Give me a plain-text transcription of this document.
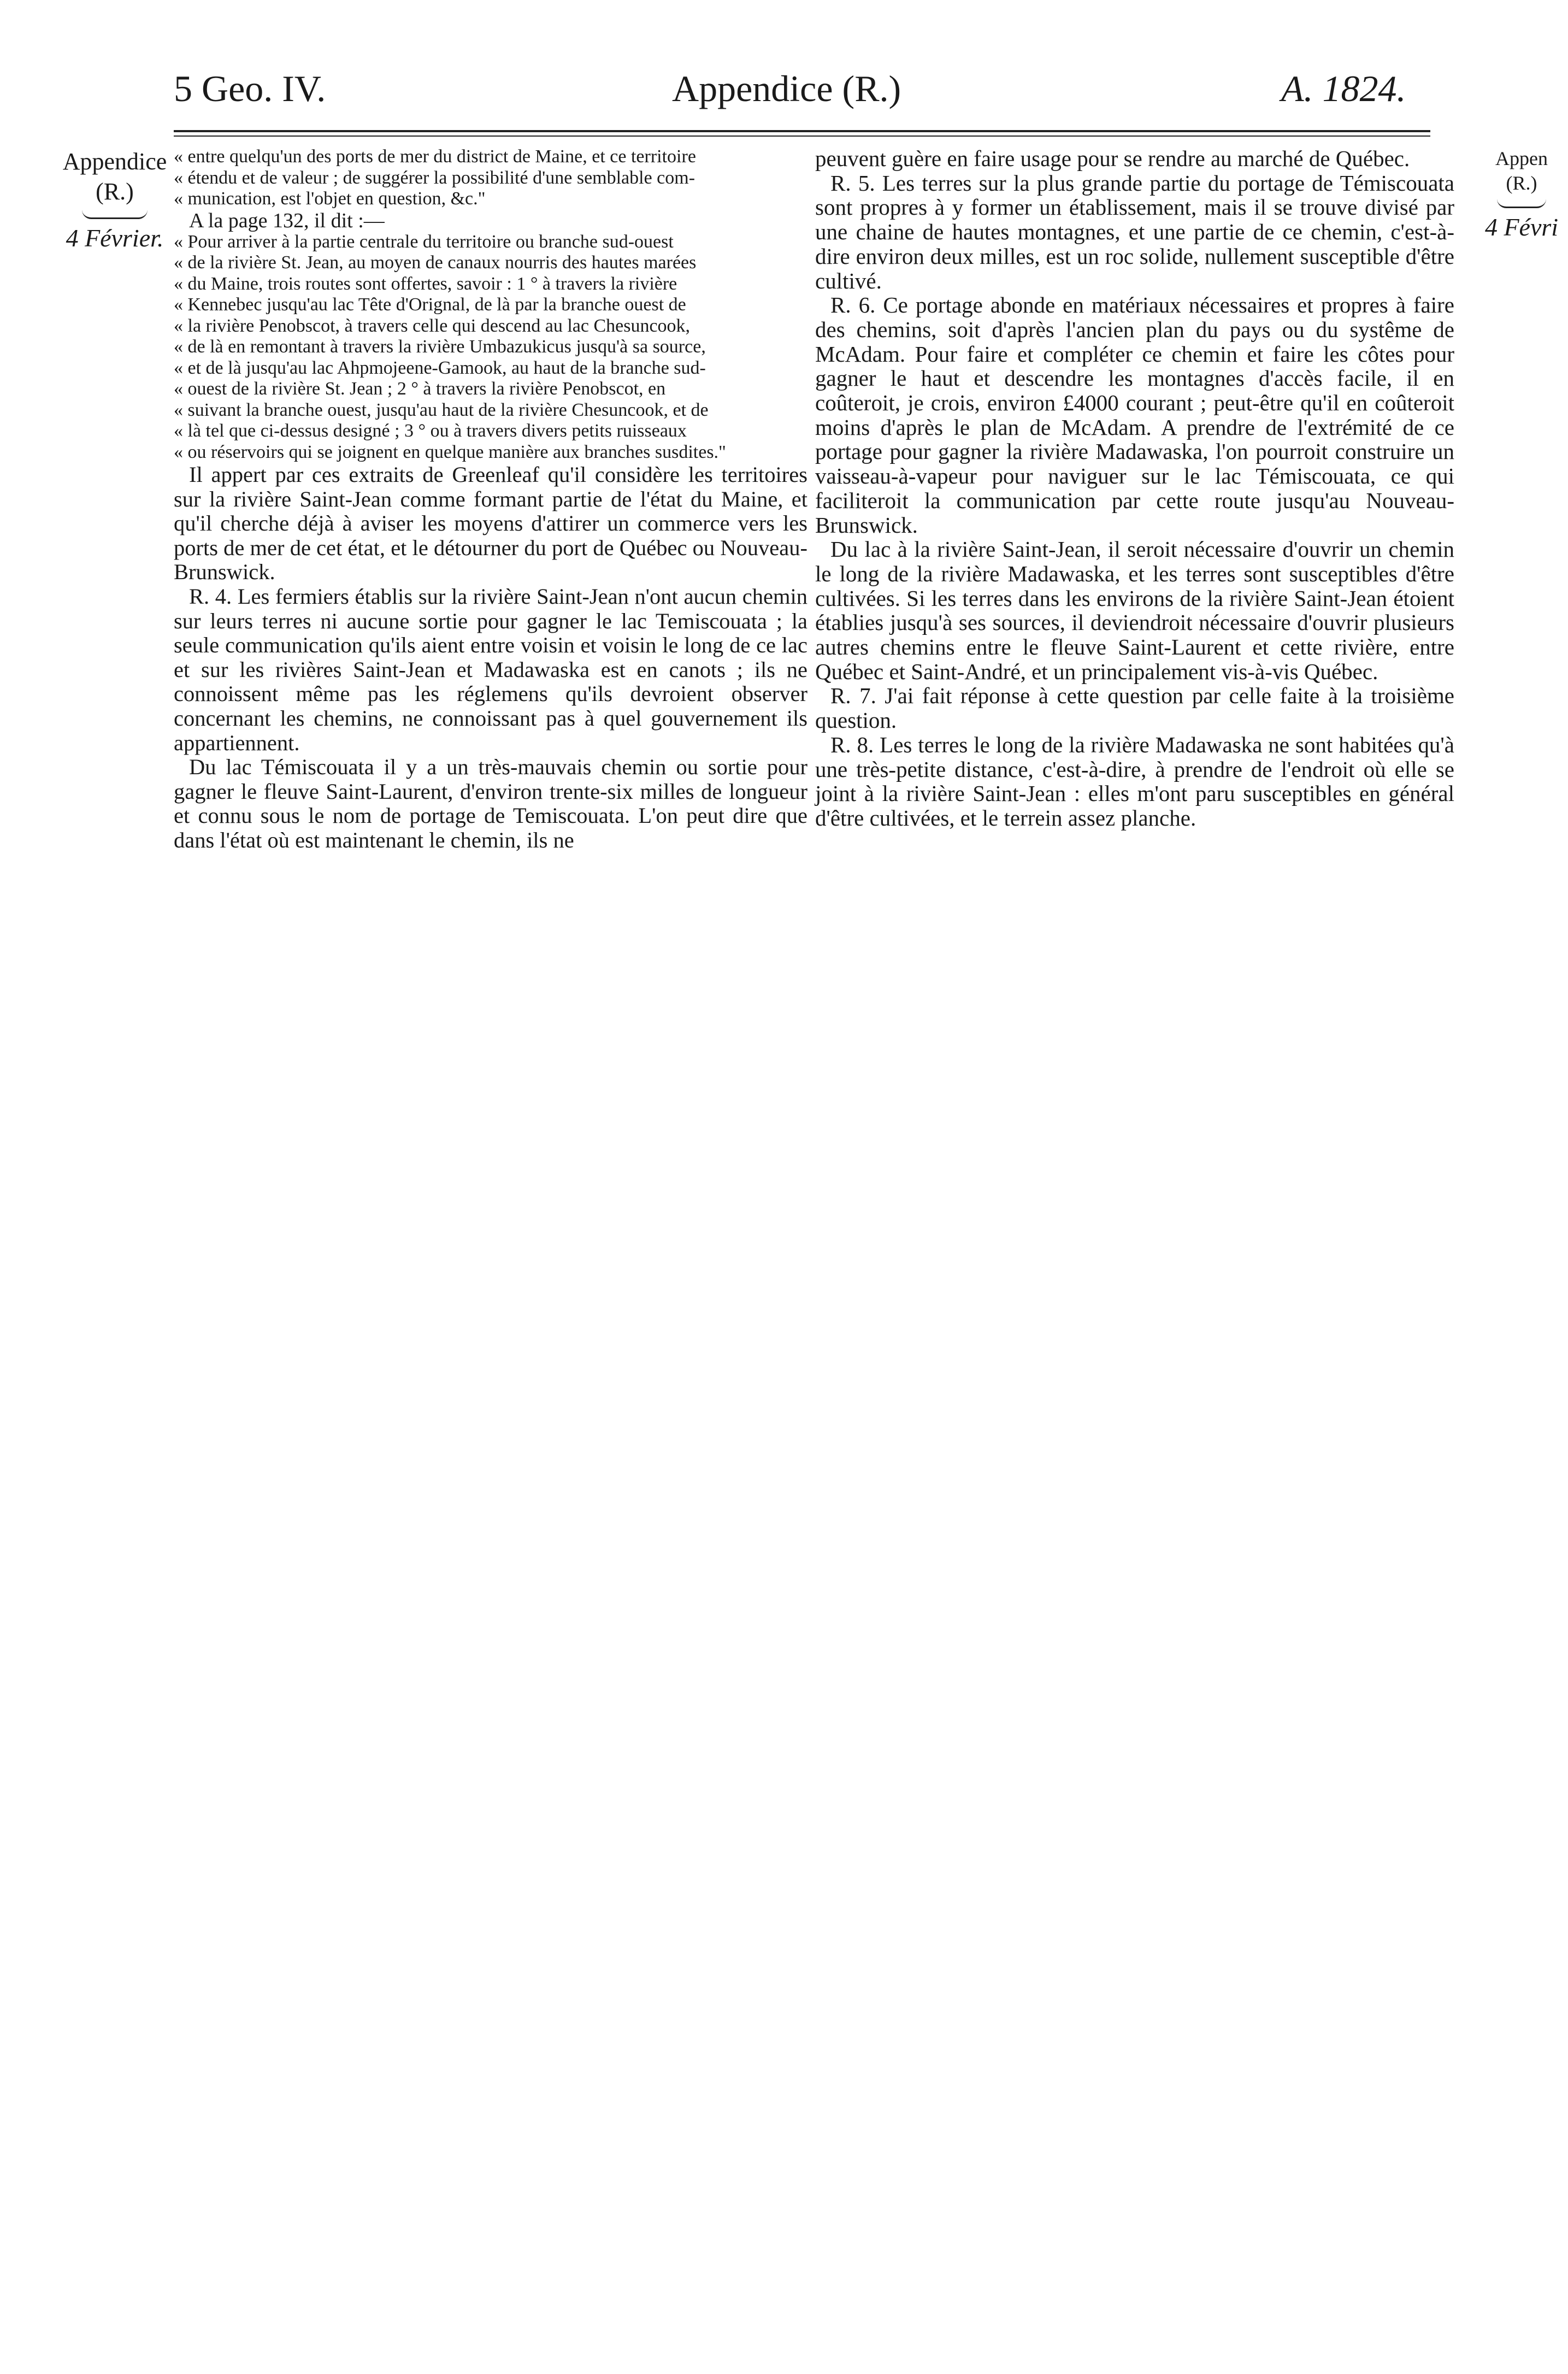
5 Geo. IV.	Appendice (R.)	A. 1824.
Appendice
(R.)
4 Février.
Appen
(R.)
4 Févri

« entre quelqu'un des ports de mer du district de Maine, et ce territoire

« étendu et de valeur ; de suggérer la possibilité d'une semblable com-

« munication, est l'objet en question, &c."

A la page 132, il dit :—

« Pour arriver à la partie centrale du territoire ou branche sud-ouest

« de la rivière St. Jean, au moyen de canaux nourris des hautes marées

« du Maine, trois routes sont offertes, savoir : 1 ° à travers la rivière

« Kennebec jusqu'au lac Tête d'Orignal, de là par la branche ouest de

« la rivière Penobscot, à travers celle qui descend au lac Chesuncook,

« de là en remontant à travers la rivière Umbazukicus jusqu'à sa source,

« et de là jusqu'au lac Ahpmojeene-Gamook, au haut de la branche sud-

« ouest de la rivière St. Jean ; 2 ° à travers la rivière Penobscot, en

« suivant la branche ouest, jusqu'au haut de la rivière Chesuncook, et de

« là tel que ci-dessus designé ; 3 ° ou à travers divers petits ruisseaux

« ou réservoirs qui se joignent en quelque manière aux branches susdites."

Il appert par ces extraits de Greenleaf qu'il considère les territoires sur la rivière Saint-Jean comme formant partie de l'état du Maine, et qu'il cherche déjà à aviser les moyens d'attirer un commerce vers les ports de mer de cet état, et le détourner du port de Québec ou Nouveau-Brunswick.

R. 4. Les fermiers établis sur la rivière Saint-Jean n'ont aucun chemin sur leurs terres ni aucune sortie pour gagner le lac Temiscouata ; la seule communication qu'ils aient entre voisin et voisin le long de ce lac et sur les rivières Saint-Jean et Madawaska est en canots ; ils ne connoissent même pas les réglemens qu'ils devroient observer concernant les chemins, ne connoissant pas à quel gouvernement ils appartiennent.

Du lac Témiscouata il y a un très-mauvais chemin ou sortie pour gagner le fleuve Saint-Laurent, d'environ trente-six milles de longueur et connu sous le nom de portage de Temiscouata. L'on peut dire que dans l'état où est maintenant le chemin, ils ne

peuvent guère en faire usage pour se rendre au marché de Québec.

R. 5. Les terres sur la plus grande partie du portage de Témiscouata sont propres à y former un établissement, mais il se trouve divisé par une chaine de hautes montagnes, et une partie de ce chemin, c'est-à-dire environ deux milles, est un roc solide, nullement susceptible d'être cultivé.

R. 6. Ce portage abonde en matériaux nécessaires et propres à faire des chemins, soit d'après l'ancien plan du pays ou du systême de McAdam. Pour faire et compléter ce chemin et faire les côtes pour gagner le haut et descendre les montagnes d'accès facile, il en coûteroit, je crois, environ £4000 courant ; peut-être qu'il en coûteroit moins d'après le plan de McAdam. A prendre de l'extrémité de ce portage pour gagner la rivière Madawaska, l'on pourroit construire un vaisseau-à-vapeur pour naviguer sur le lac Témiscouata, ce qui faciliteroit la communication par cette route jusqu'au Nouveau-Brunswick.

Du lac à la rivière Saint-Jean, il seroit nécessaire d'ouvrir un chemin le long de la rivière Madawaska, et les terres sont susceptibles d'être cultivées. Si les terres dans les environs de la rivière Saint-Jean étoient établies jusqu'à ses sources, il deviendroit nécessaire d'ouvrir plusieurs autres chemins entre le fleuve Saint-Laurent et cette rivière, entre Québec et Saint-André, et un principalement vis-à-vis Québec.

R. 7. J'ai fait réponse à cette question par celle faite à la troisième question.

R. 8. Les terres le long de la rivière Madawaska ne sont habitées qu'à une très-petite distance, c'est-à-dire, à prendre de l'endroit où elle se joint à la rivière Saint-Jean : elles m'ont paru susceptibles en général d'être cultivées, et le terrein assez planche.
